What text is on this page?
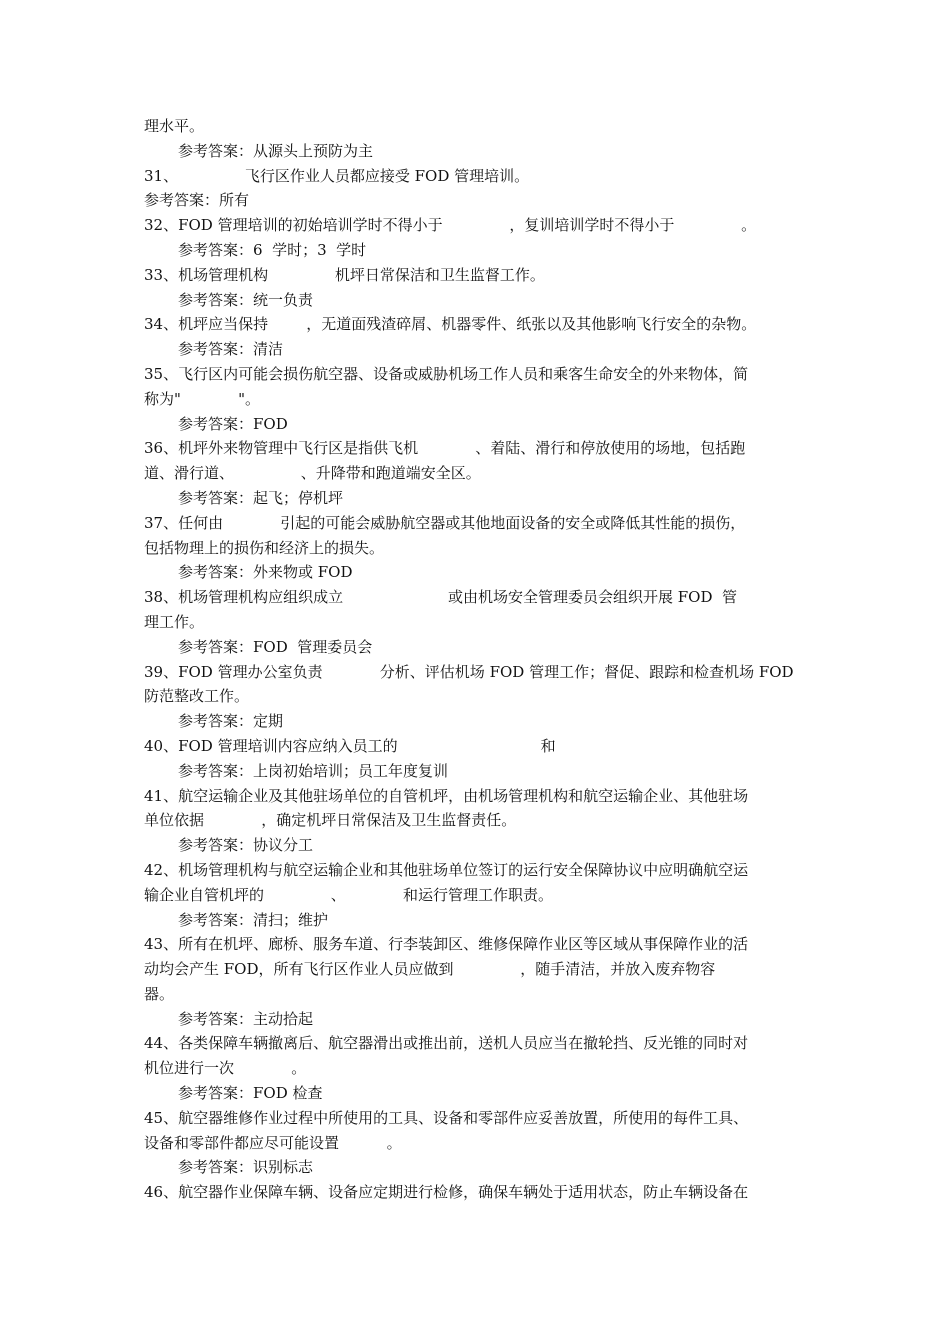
理水平。
参考答案：从源头上预防为主
31、              飞行区作业人员都应接受 FOD 管理培训。
参考答案：所有
32、FOD 管理培训的初始培训学时不得小于              ，复训培训学时不得小于              。
参考答案：6  学时；3  学时
33、机场管理机构              机坪日常保洁和卫生监督工作。
参考答案：统一负责
34、机坪应当保持        ，无道面残渣碎屑、机器零件、纸张以及其他影响飞行安全的杂物。
参考答案：清洁
35、飞行区内可能会损伤航空器、设备或威胁机场工作人员和乘客生命安全的外来物体，简
称为"            "。
参考答案：FOD
36、机坪外来物管理中飞行区是指供飞机            、着陆、滑行和停放使用的场地，包括跑
道、滑行道、              、升降带和跑道端安全区。
参考答案：起飞；停机坪
37、任何由            引起的可能会威胁航空器或其他地面设备的安全或降低其性能的损伤，
包括物理上的损伤和经济上的损失。
参考答案：外来物或 FOD
38、机场管理机构应组织成立                      或由机场安全管理委员会组织开展 FOD  管
理工作。
参考答案：FOD  管理委员会
39、FOD 管理办公室负责            分析、评估机场 FOD 管理工作；督促、跟踪和检查机场 FOD
防范整改工作。
参考答案：定期
40、FOD 管理培训内容应纳入员工的                              和
参考答案：上岗初始培训；员工年度复训
41、航空运输企业及其他驻场单位的自管机坪，由机场管理机构和航空运输企业、其他驻场
单位依据            ，确定机坪日常保洁及卫生监督责任。
参考答案：协议分工
42、机场管理机构与航空运输企业和其他驻场单位签订的运行安全保障协议中应明确航空运
输企业自管机坪的              、            和运行管理工作职责。
参考答案：清扫；维护
43、所有在机坪、廊桥、服务车道、行李装卸区、维修保障作业区等区域从事保障作业的活
动均会产生 FOD，所有飞行区作业人员应做到              ，随手清洁，并放入废弃物容
器。
参考答案：主动拾起
44、各类保障车辆撤离后、航空器滑出或推出前，送机人员应当在撤轮挡、反光锥的同时对
机位进行一次            。
参考答案：FOD 检查
45、航空器维修作业过程中所使用的工具、设备和零部件应妥善放置，所使用的每件工具、
设备和零部件都应尽可能设置          。
参考答案：识别标志
46、航空器作业保障车辆、设备应定期进行检修，确保车辆处于适用状态，防止车辆设备在
